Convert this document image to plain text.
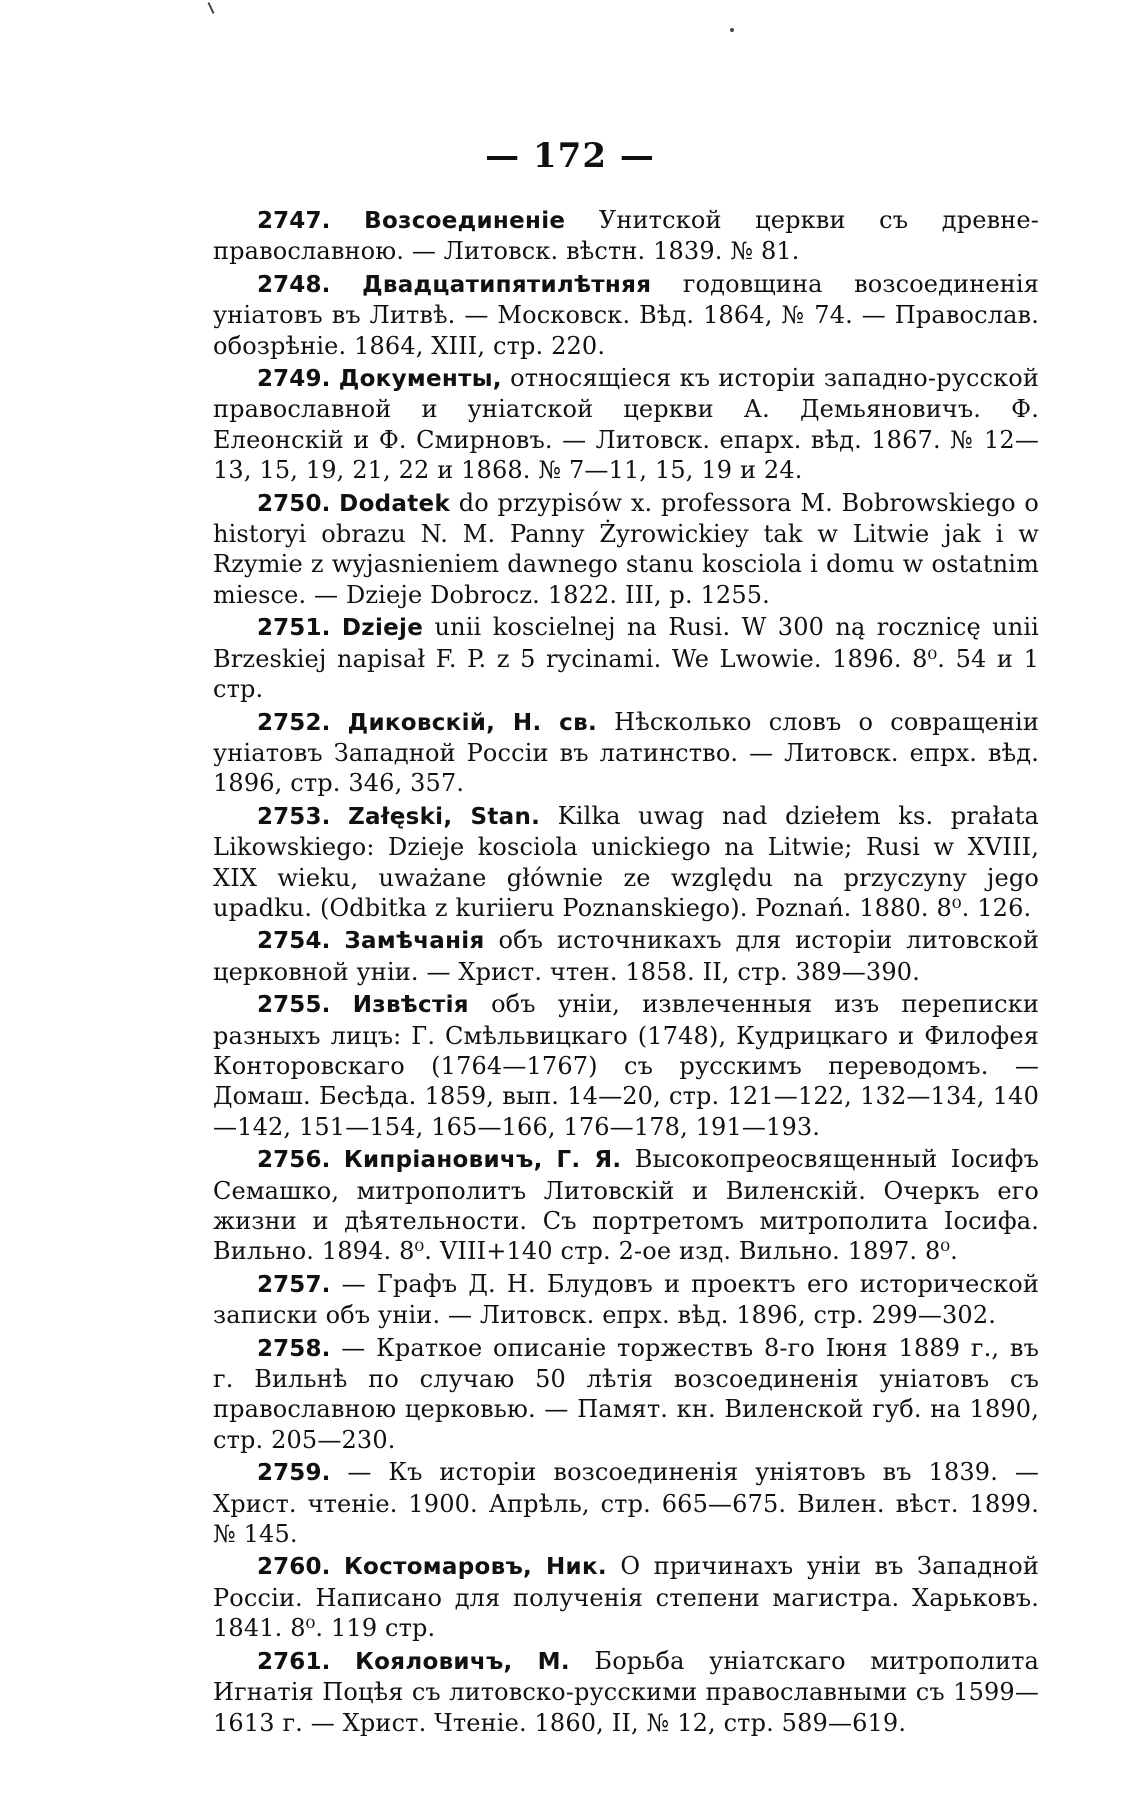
— 172 —

2747. Возсоединеніе Унитской церкви съ древне-православною. — Литовск. вѣстн. 1839. № 81.

2748. Двадцатипятилѣтняя годовщина возсоединенія уніатовъ въ Литвѣ. — Московск. Вѣд. 1864, № 74. — Православ. обозрѣніе. 1864, XIII, стр. 220.

2749. Документы, относящіеся къ исторіи западно-русской православной и уніатской церкви А. Демьяновичъ. Ф. Елеонскій и Ф. Смирновъ. — Литовск. епарх. вѣд. 1867. № 12—13, 15, 19, 21, 22 и 1868. № 7—11, 15, 19 и 24.

2750. Dodatek do przypisów x. professora M. Bobrowskiego o historyi obrazu N. M. Panny Żyrowickiey tak w Litwie jak i w Rzymie z wyjasnieniem dawnego stanu kosciola i domu w ostatnim miesce. — Dzieje Dobrocz. 1822. III, p. 1255.

2751. Dzieje unii koscielnej na Rusi. W 300 ną rocznicę unii Brzeskiej napisał F. P. z 5 rycinami. We Lwowie. 1896. 8⁰. 54 и 1 стр.

2752. Диковскій, Н. св. Нѣсколько словъ о совращеніи уніатовъ Западной Россіи въ латинство. — Литовск. епрх. вѣд. 1896, стр. 346, 357.

2753. Załęski, Stan. Kilka uwag nad dziełem ks. prałata Likowskiego: Dzieje kosciola unickiego na Litwie; Rusi w XVIII, XIX wieku, uważane głównie ze względu na przyczyny jego upadku. (Odbitka z kuriieru Poznanskiego). Poznań. 1880. 8⁰. 126.

2754. Замѣчанія объ источникахъ для исторіи литовской церковной уніи. — Христ. чтен. 1858. II, стр. 389—390.

2755. Извѣстія объ уніи, извлеченныя изъ переписки разныхъ лицъ: Г. Смѣльвицкаго (1748), Кудрицкаго и Филофея Конторовскаго (1764—1767) съ русскимъ переводомъ. — Домаш. Бесѣда. 1859, вып. 14—20, стр. 121—122, 132—134, 140—142, 151—154, 165—166, 176—178, 191—193.

2756. Кипріановичъ, Г. Я. Высокопреосвященный Іосифъ Семашко, митрополитъ Литовскій и Виленскій. Очеркъ его жизни и дѣятельности. Съ портретомъ митрополита Іосифа. Вильно. 1894. 8⁰. VIII+140 стр. 2-ое изд. Вильно. 1897. 8⁰.

2757. — Графъ Д. Н. Блудовъ и проектъ его исторической записки объ уніи. — Литовск. епрх. вѣд. 1896, стр. 299—302.

2758. — Краткое описаніе торжествъ 8-го Іюня 1889 г., въ г. Вильнѣ по случаю 50 лѣтія возсоединенія уніатовъ съ православною церковью. — Памят. кн. Виленской губ. на 1890, стр. 205—230.

2759. — Къ исторіи возсоединенія уніятовъ въ 1839. — Христ. чтеніе. 1900. Апрѣль, стр. 665—675. Вилен. вѣст. 1899. № 145.

2760. Костомаровъ, Ник. О причинахъ уніи въ Западной Россіи. Написано для полученія степени магистра. Харьковъ. 1841. 8⁰. 119 стр.

2761. Кояловичъ, М. Борьба уніатскаго митрополита Игнатія Поцѣя съ литовско-русскими православными съ 1599—1613 г. — Христ. Чтеніе. 1860, II, № 12, стр. 589—619.
